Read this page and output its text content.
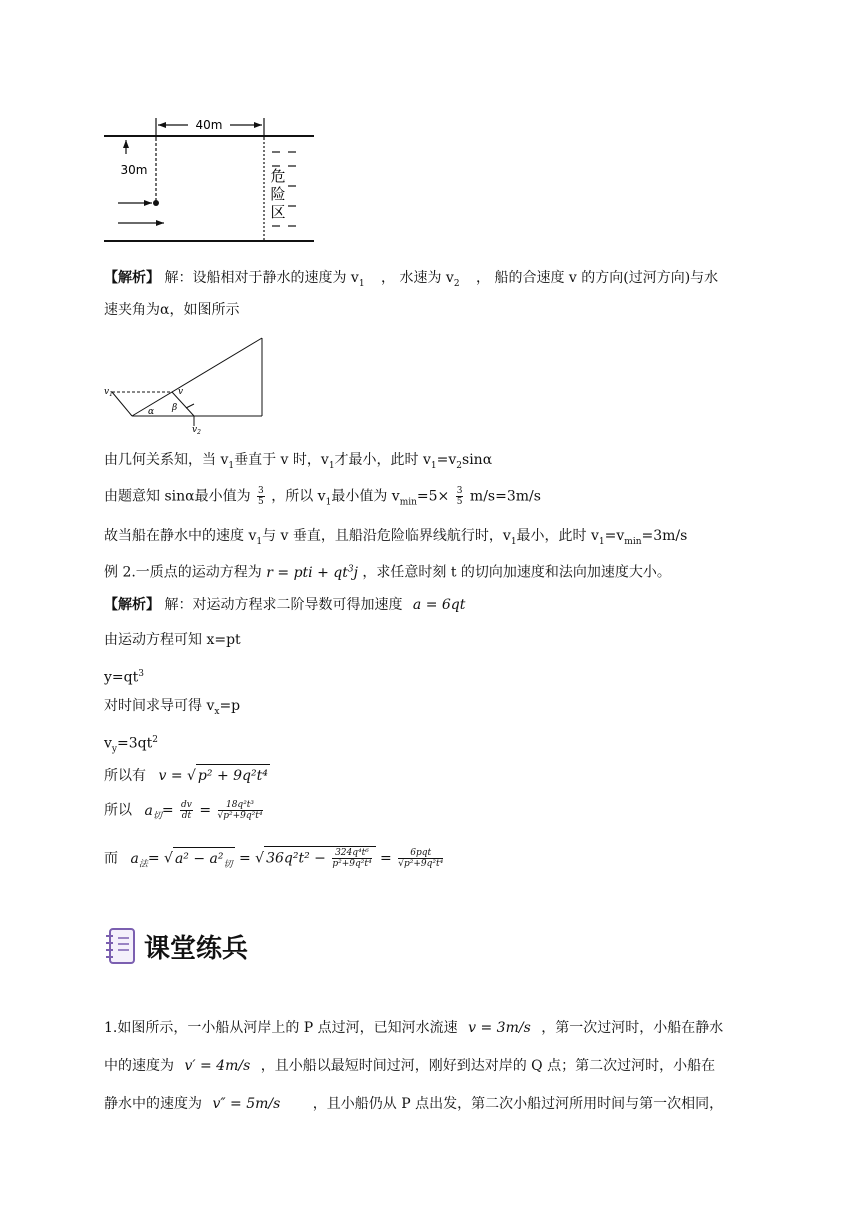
40m
30m	危
险
区
【解析】 解：设船相对于静水的速度为 $v_1$ ， 水速为 $v_2$ ， 船的合速度 v 的方向(过河方向)与水
速夹角为α，如图所示
$v_1$	v
α β
$v_2$
由几何关系知，当 $v_1$垂直于 v 时，$v_1$才最小，此时 $v_1=v_2\sin\alpha$
由题意知 sinα最小值为 $\frac{3}{5}$ ，所以 $v_1$最小值为 $v_{min}=5\times \frac{3}{5} m/s=3m/s$
故当船在静水中的速度 $v_1$与 v 垂直，且船沿危险临界线航行时，$v_1$最小，此时 $v_1=v_{min}=3m/s$
例 2.一质点的运动方程为 r = pti + $qt^3j$ ，求任意时刻 t 的切向加速度和法向加速度大小。
【解析】 解：对运动方程求二阶导数可得加速度 a = 6qt
由运动方程可知 x=pt
$y=qt^3$
对时间求导可得 $v_x=p$
$v_y=3qt^2$
所以有 v = √ p² + 9q²t⁴
所以 $a_切= \frac{dv}{dt} = \frac{\text{18q²t³}}{\text{√p²+9q²t⁴}}$
而 $a_法=$ √ $a^2 - a^2_切$ = √ $36q^2t^2 - \frac{\text{324q⁴t⁶}}{\text{p²+9q²t⁴}} = \frac{\text{6pqt}}{\text{√p²+9q²t⁴}}$
课堂练兵
1.如图所示，一小船从河岸上的 P 点过河，已知河水流速 v = 3m/s ，第一次过河时，小船在静水
中的速度为 v′ = 4m/s ，且小船以最短时间过河，刚好到达对岸的 Q 点；第二次过河时，小船在
静水中的速度为 v″ = 5m/s ，且小船仍从 P 点出发，第二次小船过河所用时间与第一次相同，
